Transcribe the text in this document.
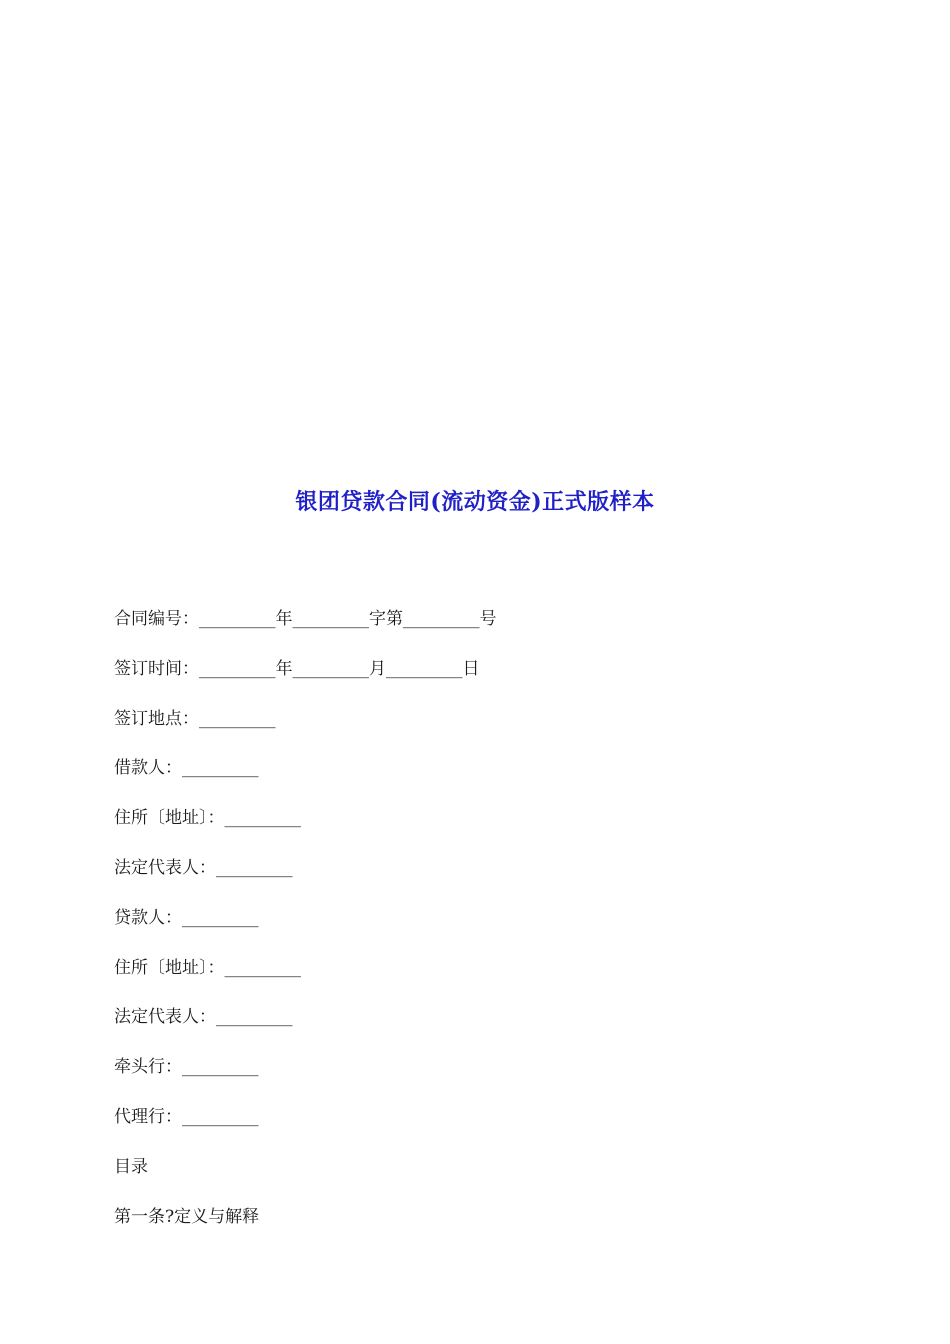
银团贷款合同(流动资金)正式版样本
合同编号：_________年_________字第_________号
签订时间：_________年_________月_________日
签订地点：_________
借款人：_________
住所〔地址〕：_________
法定代表人：_________
贷款人：_________
住所〔地址〕：_________
法定代表人：_________
牵头行：_________
代理行：_________
目录
第一条?定义与解释
